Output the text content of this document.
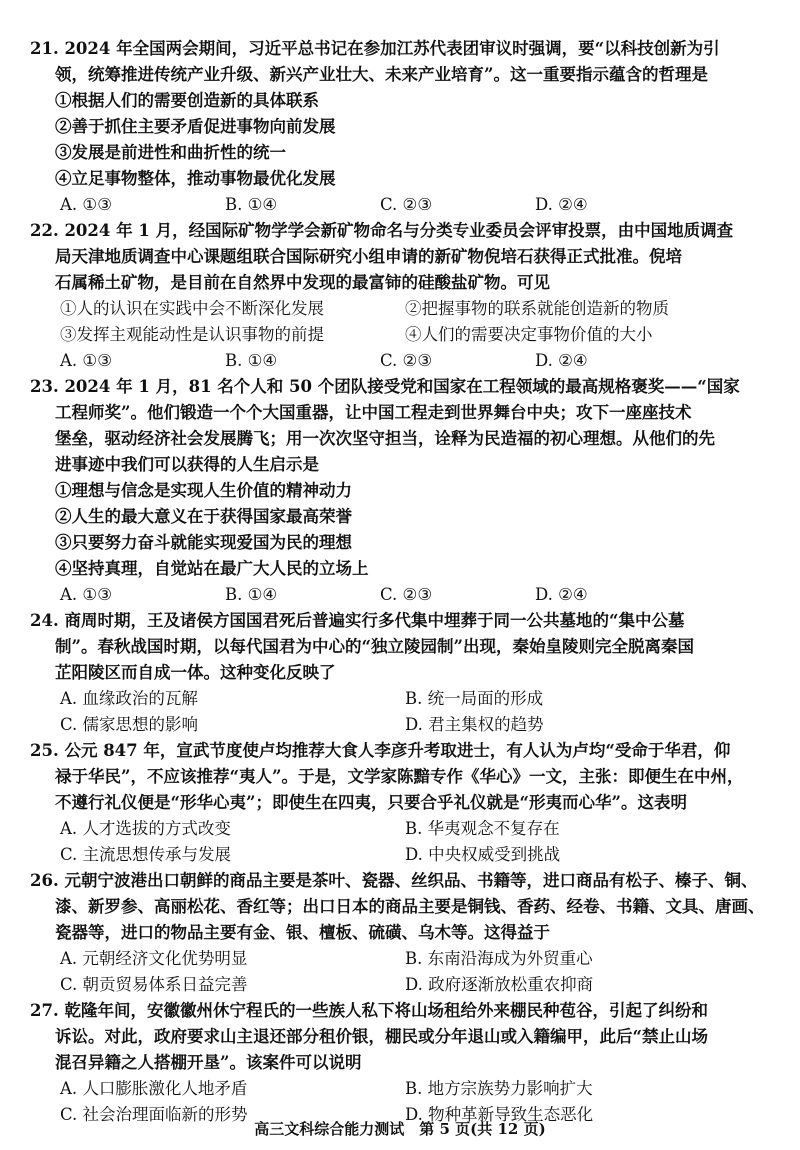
21. 2024 年全国两会期间，习近平总书记在参加江苏代表团审议时强调，要“以科技创新为引
领，统筹推进传统产业升级、新兴产业壮大、未来产业培育”。这一重要指示蕴含的哲理是
①根据人们的需要创造新的具体联系
②善于抓住主要矛盾促进事物向前发展
③发展是前进性和曲折性的统一
④立足事物整体，推动事物最优化发展
A. ①③	B. ①④	C. ②③	D. ②④
22. 2024 年 1 月，经国际矿物学学会新矿物命名与分类专业委员会评审投票，由中国地质调查
局天津地质调查中心课题组联合国际研究小组申请的新矿物倪培石获得正式批准。倪培
石属稀土矿物，是目前在自然界中发现的最富铈的硅酸盐矿物。可见
①人的认识在实践中会不断深化发展	②把握事物的联系就能创造新的物质
③发挥主观能动性是认识事物的前提	④人们的需要决定事物价值的大小
A. ①③	B. ①④	C. ②③	D. ②④
23. 2024 年 1 月，81 名个人和 50 个团队接受党和国家在工程领域的最高规格褒奖——“国家
工程师奖”。他们锻造一个个大国重器，让中国工程走到世界舞台中央；攻下一座座技术
堡垒，驱动经济社会发展腾飞；用一次次坚守担当，诠释为民造福的初心理想。从他们的先
进事迹中我们可以获得的人生启示是
①理想与信念是实现人生价值的精神动力
②人生的最大意义在于获得国家最高荣誉
③只要努力奋斗就能实现爱国为民的理想
④坚持真理，自觉站在最广大人民的立场上
A. ①③	B. ①④	C. ②③	D. ②④
24. 商周时期，王及诸侯方国国君死后普遍实行多代集中埋葬于同一公共墓地的“集中公墓
制”。春秋战国时期，以每代国君为中心的“独立陵园制”出现，秦始皇陵则完全脱离秦国
芷阳陵区而自成一体。这种变化反映了
A. 血缘政治的瓦解	B. 统一局面的形成
C. 儒家思想的影响	D. 君主集权的趋势
25. 公元 847 年，宣武节度使卢均推荐大食人李彦升考取进士，有人认为卢均“受命于华君，仰
禄于华民”，不应该推荐“夷人”。于是，文学家陈黯专作《华心》一文，主张：即便生在中州，
不遵行礼仪便是“形华心夷”；即使生在四夷，只要合乎礼仪就是“形夷而心华”。这表明
A. 人才选拔的方式改变	B. 华夷观念不复存在
C. 主流思想传承与发展	D. 中央权威受到挑战
26. 元朝宁波港出口朝鲜的商品主要是茶叶、瓷器、丝织品、书籍等，进口商品有松子、榛子、铜、
漆、新罗参、高丽松花、香红等；出口日本的商品主要是铜钱、香药、经卷、书籍、文具、唐画、
瓷器等，进口的物品主要有金、银、檀板、硫磺、乌木等。这得益于
A. 元朝经济文化优势明显	B. 东南沿海成为外贸重心
C. 朝贡贸易体系日益完善	D. 政府逐渐放松重农抑商
27. 乾隆年间，安徽徽州休宁程氏的一些族人私下将山场租给外来棚民种苞谷，引起了纠纷和
诉讼。对此，政府要求山主退还部分租价银，棚民或分年退山或入籍编甲，此后“禁止山场
混召异籍之人搭棚开垦”。该案件可以说明
A. 人口膨胀激化人地矛盾	B. 地方宗族势力影响扩大
C. 社会治理面临新的形势	D. 物种革新导致生态恶化
高三文科综合能力测试　第 5 页(共 12 页)
